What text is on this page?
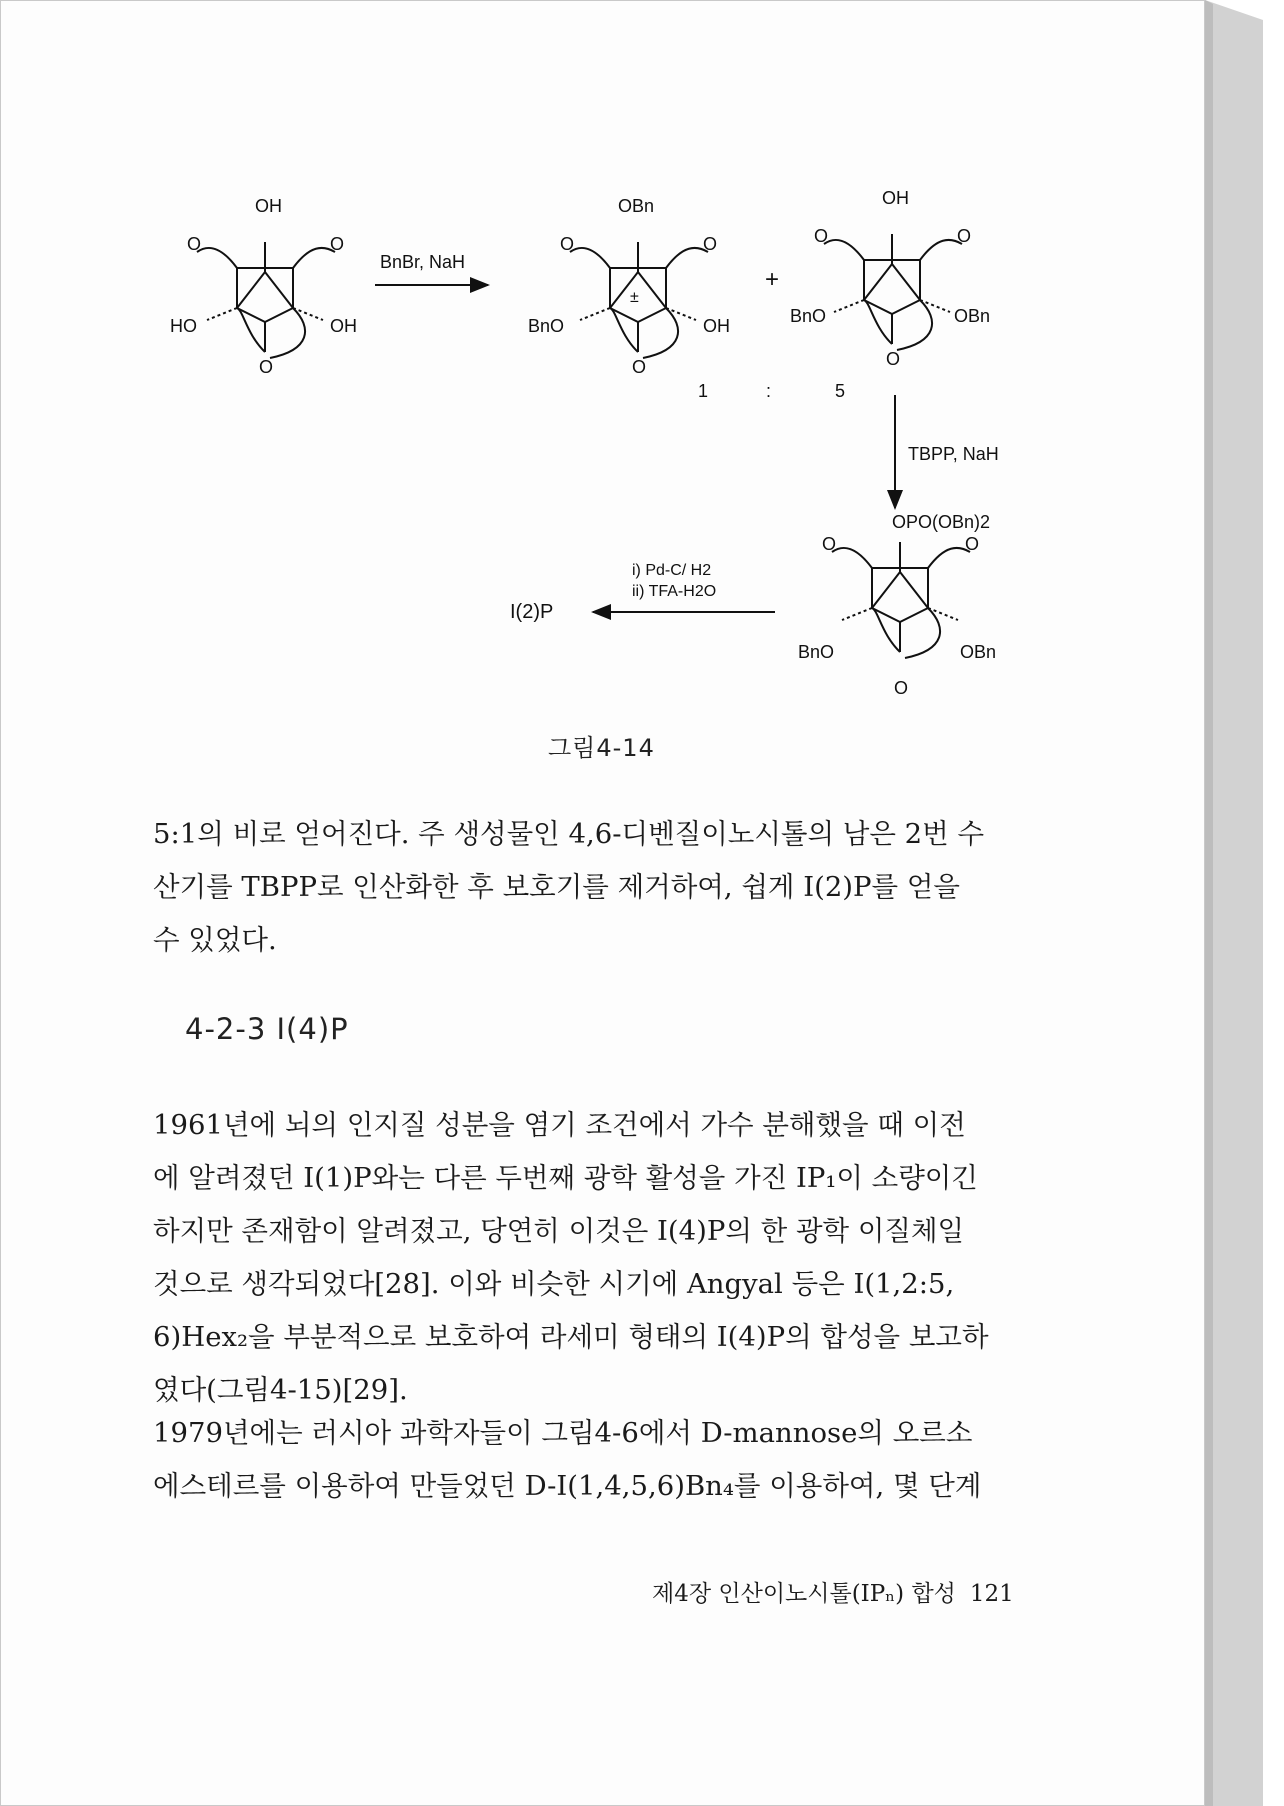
OH
HO	OH
O	O
O
OBn
BnO	OH
±
O	O
O
OH
BnO	OBn
O	O
O
OPO(OBn)2
BnO	OBn
O	O
O
BnBr, NaH
+
1	:	5
TBPP, NaH
i) Pd-C/ H2
ii) TFA-H2O
I(2)P
그림4-14

5:1의 비로 얻어진다. 주 생성물인 4,6-디벤질이노시톨의 남은 2번 수
산기를 TBPP로 인산화한 후 보호기를 제거하여, 쉽게 I(2)P를 얻을
수 있었다.

4-2-3 I(4)P

1961년에 뇌의 인지질 성분을 염기 조건에서 가수 분해했을 때 이전
에 알려졌던 I(1)P와는 다른 두번째 광학 활성을 가진 IP₁이 소량이긴
하지만 존재함이 알려졌고, 당연히 이것은 I(4)P의 한 광학 이질체일
것으로 생각되었다[28]. 이와 비슷한 시기에 Angyal 등은 I(1,2:5,
6)Hex₂을 부분적으로 보호하여 라세미 형태의 I(4)P의 합성을 보고하
였다(그림4-15)[29].

1979년에는 러시아 과학자들이 그림4-6에서 D-mannose의 오르소
에스테르를 이용하여 만들었던 D-I(1,4,5,6)Bn₄를 이용하여, 몇 단계

제4장 인산이노시톨(IPₙ) 합성 121
